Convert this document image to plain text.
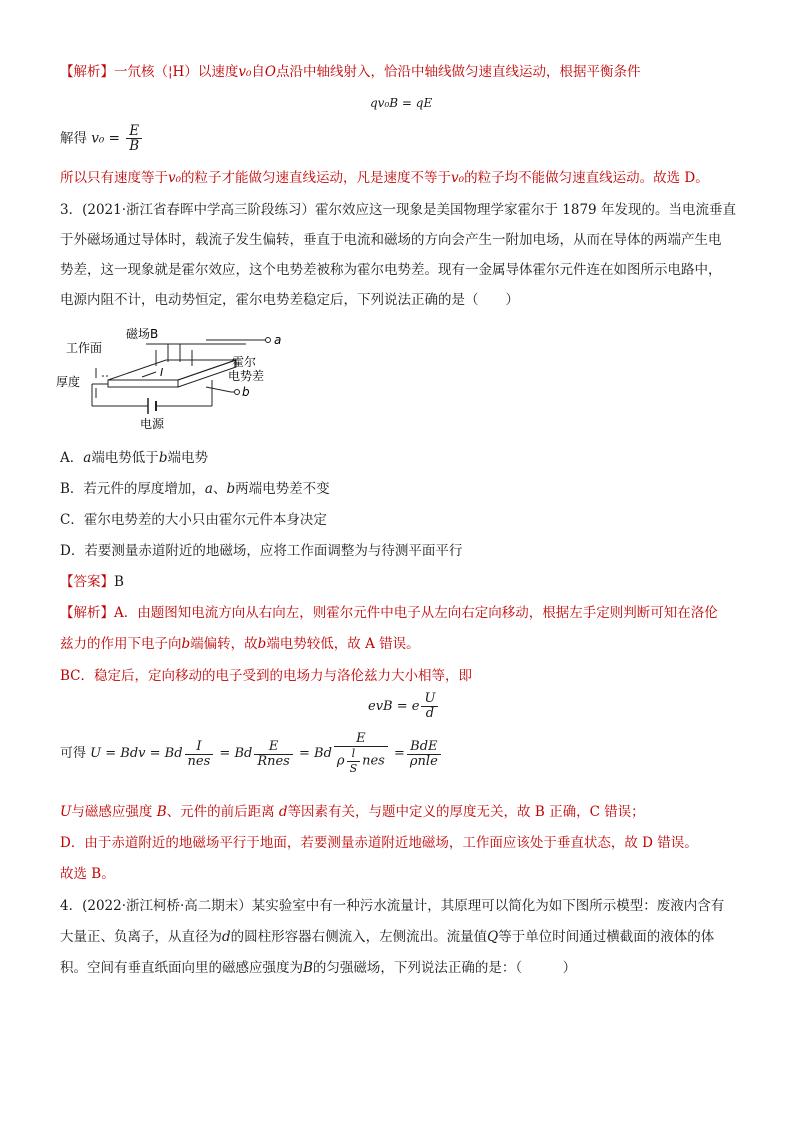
【解析】一氘核（¦H）以速度v₀自O点沿中轴线射入，恰沿中轴线做匀速直线运动，根据平衡条件
qv₀B = qE
解得 $v_0 = \frac{E}{B}$
所以只有速度等于v₀的粒子才能做匀速直线运动，凡是速度不等于v₀的粒子均不能做匀速直线运动。故选 D。
3．(2021·浙江省春晖中学高三阶段练习）霍尔效应这一现象是美国物理学家霍尔于 1879 年发现的。当电流垂直
于外磁场通过导体时，载流子发生偏转，垂直于电流和磁场的方向会产生一附加电场，从而在导体的两端产生电
势差，这一现象就是霍尔效应，这个电势差被称为霍尔电势差。现有一金属导体霍尔元件连在如图所示电路中，
电源内阻不计，电动势恒定，霍尔电势差稳定后，下列说法正确的是（　　）
磁场B
工作面
厚度
霍尔
电势差
电源
a
b
I
A．a端电势低于b端电势
B．若元件的厚度增加，a、b两端电势差不变
C．霍尔电势差的大小只由霍尔元件本身决定
D．若要测量赤道附近的地磁场，应将工作面调整为与待测平面平行
【答案】B
【解析】A．由题图知电流方向从右向左，则霍尔元件中电子从左向右定向移动，根据左手定则判断可知在洛伦
兹力的作用下电子向b端偏转，故b端电势较低，故 A 错误。
BC．稳定后，定向移动的电子受到的电场力与洛伦兹力大小相等，即
evB = e $\frac{U}{d}$
可得 U = Bdv = Bd $\frac{I}{\text{nes}} = Bd \frac{E}{\text{Rnes}} = Bd \frac{E}{\rho \frac{l}{S} nes} = \frac{\text{BdE}}{\text{ρnle}}$
U与磁感应强度 B、元件的前后距离 d等因素有关，与题中定义的厚度无关，故 B 正确，C 错误；
D．由于赤道附近的地磁场平行于地面，若要测量赤道附近地磁场，工作面应该处于垂直状态，故 D 错误。
故选 B。
4．(2022·浙江柯桥·高二期末）某实验室中有一种污水流量计，其原理可以简化为如下图所示模型：废液内含有
大量正、负离子，从直径为d的圆柱形容器右侧流入，左侧流出。流量值Q等于单位时间通过横截面的液体的体
积。空间有垂直纸面向里的磁感应强度为B的匀强磁场，下列说法正确的是：（　　　）
